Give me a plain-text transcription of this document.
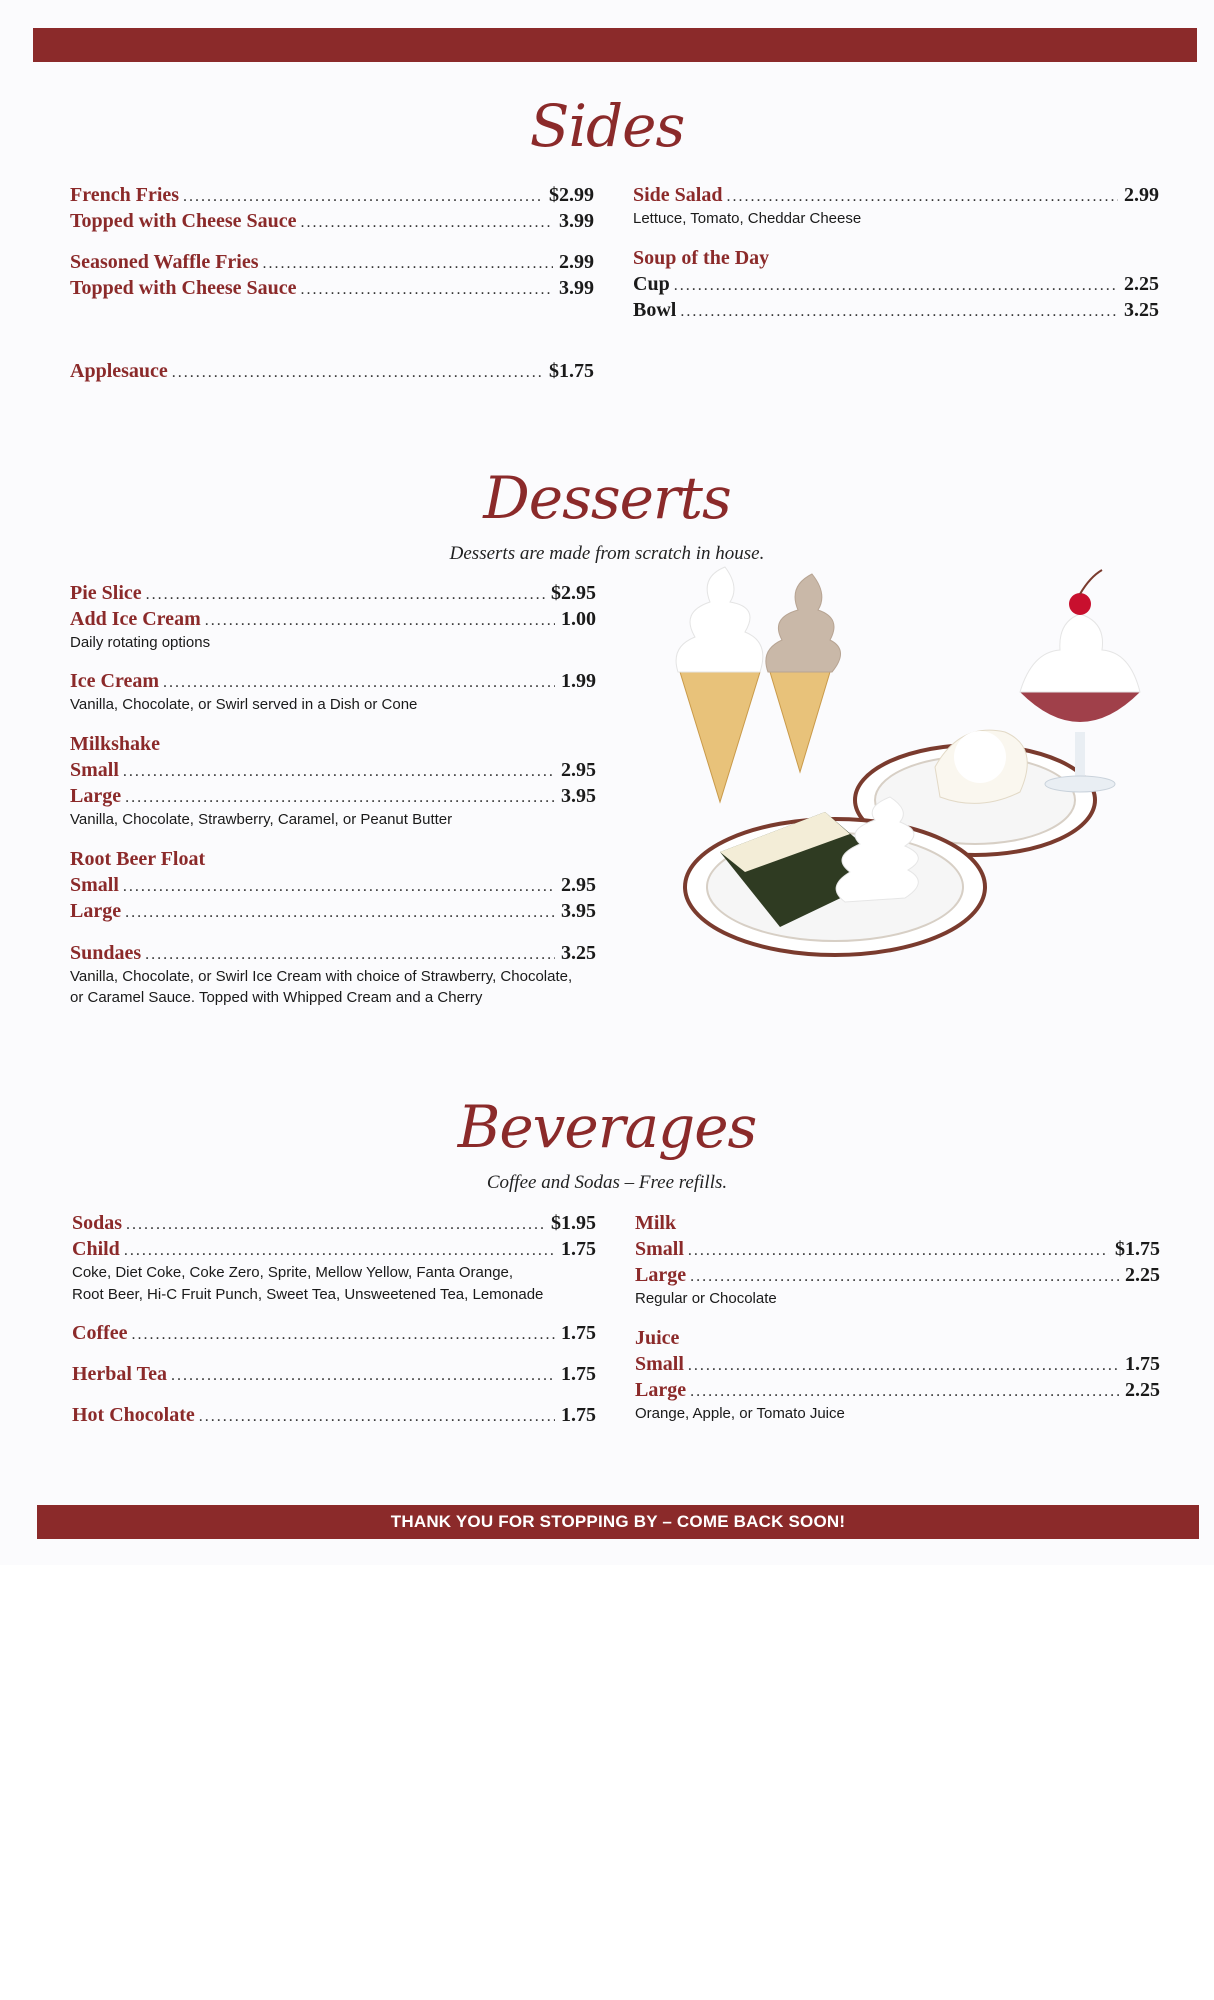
Sides
French Fries .....	$2.99
Topped with Cheese Sauce .....	3.99
Seasoned Waffle Fries .....	2.99
Topped with Cheese Sauce .....	3.99
Applesauce .....	$1.75
Side Salad .....	2.99
Lettuce, Tomato, Cheddar Cheese
Soup of the Day
Cup .....	2.25
Bowl .....	3.25
Desserts
Desserts are made from scratch in house.
Pie Slice .....	$2.95
Add Ice Cream .....	1.00
Daily rotating options
Ice Cream .....	1.99
Vanilla, Chocolate, or Swirl served in a Dish or Cone
Milkshake
Small .....	2.95
Large .....	3.95
Vanilla, Chocolate, Strawberry, Caramel, or Peanut Butter
Root Beer Float
Small .....	2.95
Large .....	3.95
Sundaes .....	3.25
Vanilla, Chocolate, or Swirl Ice Cream with choice of Strawberry, Chocolate,
or Caramel Sauce. Topped with Whipped Cream and a Cherry
Beverages
Coffee and Sodas – Free refills.
Sodas .....	$1.95
Child .....	1.75
Coke, Diet Coke, Coke Zero, Sprite, Mellow Yellow, Fanta Orange,
Root Beer, Hi-C Fruit Punch, Sweet Tea, Unsweetened Tea, Lemonade
Coffee .....	1.75
Herbal Tea .....	1.75
Hot Chocolate .....	1.75
Milk
Small .....	$1.75
Large .....	2.25
Regular or Chocolate
Juice
Small .....	1.75
Large .....	2.25
Orange, Apple, or Tomato Juice
THANK YOU FOR STOPPING BY – COME BACK SOON!
